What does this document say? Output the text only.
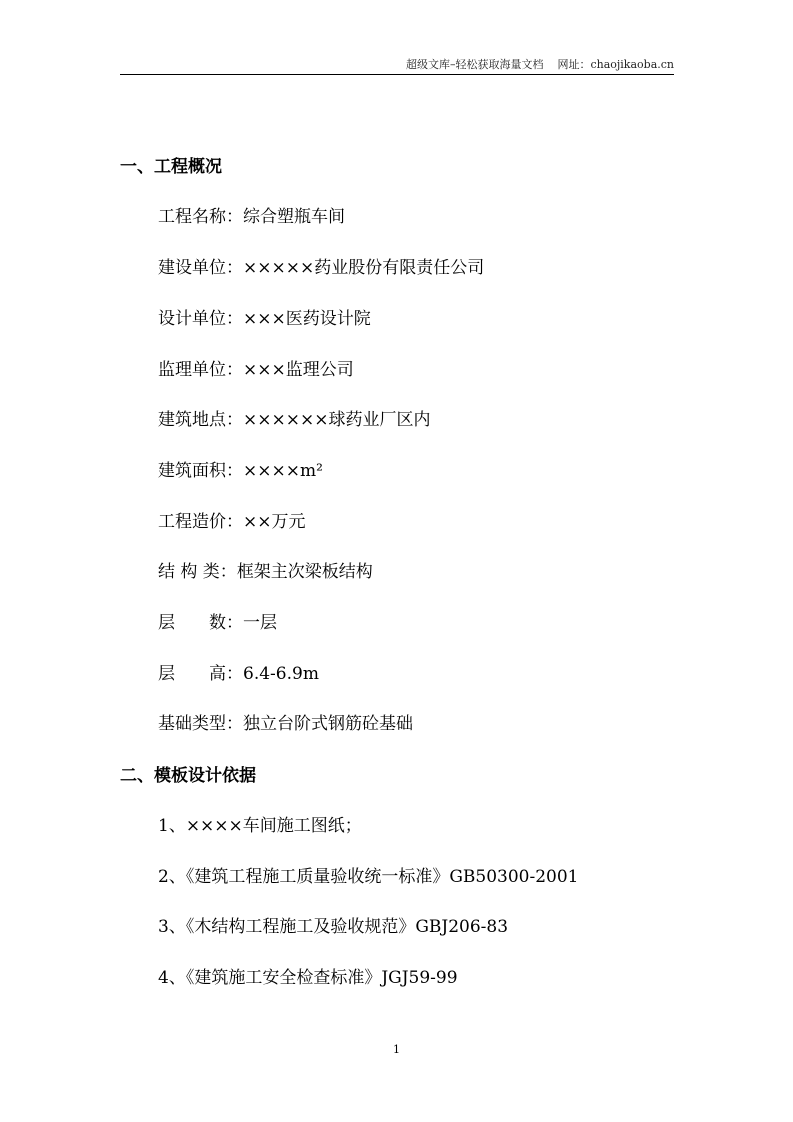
超级文库–轻松获取海量文档 网址：chaojikaoba.cn
一、工程概况
工程名称：综合塑瓶车间
建设单位：×××××药业股份有限责任公司
设计单位：×××医药设计院
监理单位：×××监理公司
建筑地点：××××××球药业厂区内
建筑面积：××××m²
工程造价：××万元
结 构 类：框架主次梁板结构
层　　数：一层
层　　高：6.4-6.9m
基础类型：独立台阶式钢筋砼基础
二、模板设计依据
1、××××车间施工图纸；
2、《建筑工程施工质量验收统一标准》GB50300-2001
3、《木结构工程施工及验收规范》GBJ206-83
4、《建筑施工安全检查标准》JGJ59-99
1
